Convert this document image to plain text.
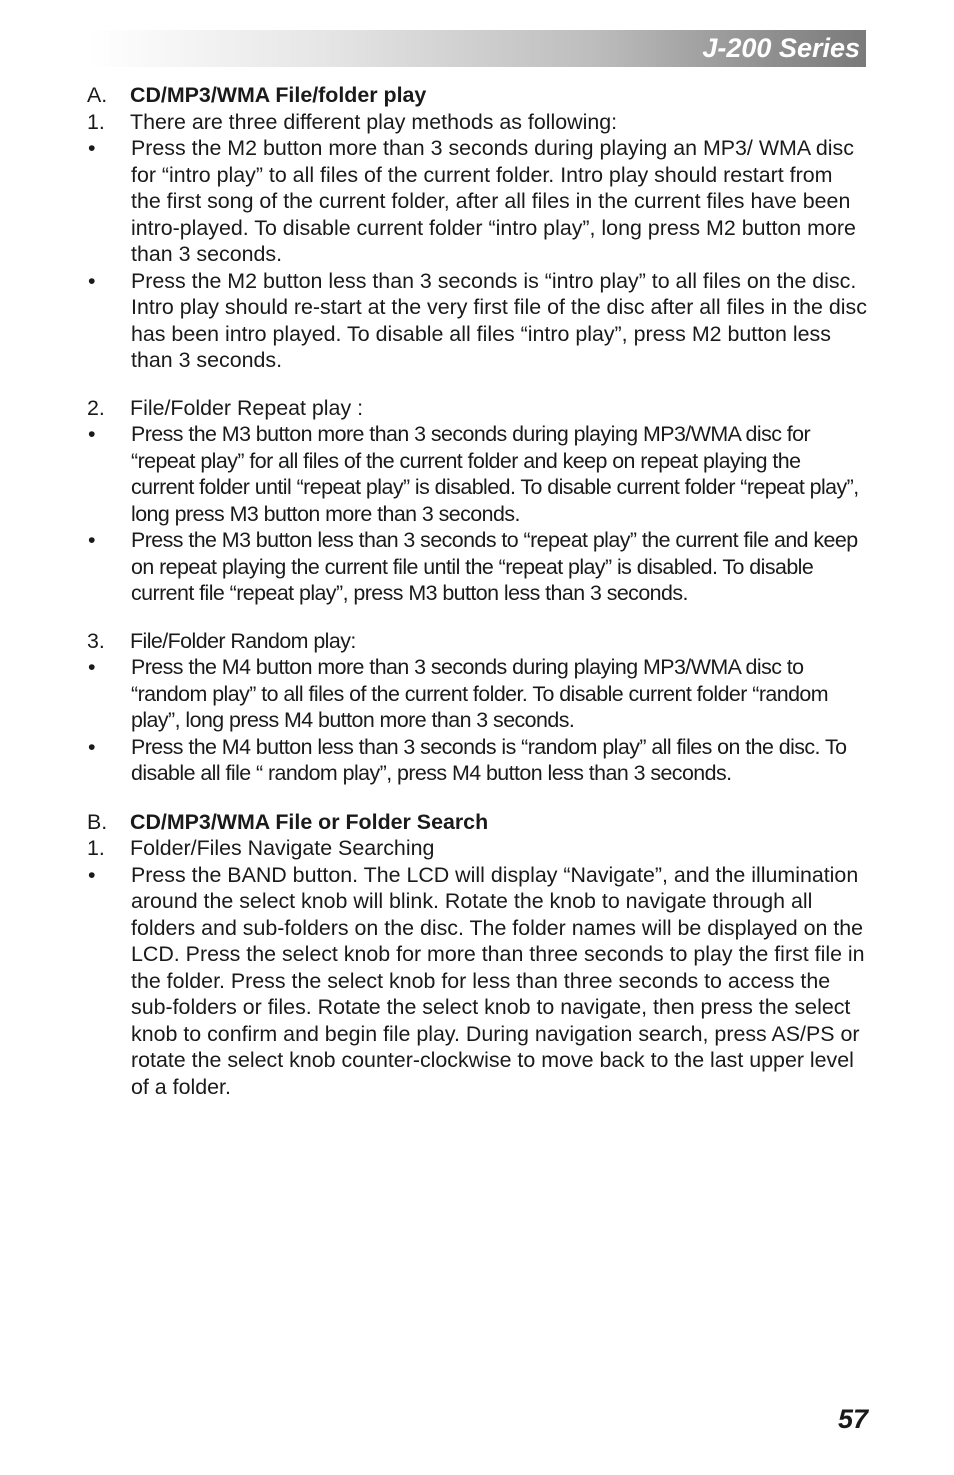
J-200 Series
A.	CD/MP3/WMA File/folder play
1.	There are three different play methods as following:
•	Press the M2 button more than 3 seconds during playing an MP3/ WMA disc for “intro play” to all files of the current folder. Intro play should restart from the first song of the current folder, after all files in the current files have been intro-played. To disable current folder “intro play”, long press M2 button more than 3 seconds.
•	Press the M2 button less than 3 seconds is “intro play” to all files on the disc. Intro play should re-start at the very first file of the disc after all files in the disc has been intro played. To disable all files “intro play”, press M2 button less than 3 seconds.
2.	File/Folder Repeat play :
•	Press the M3 button more than 3 seconds during playing MP3/WMA disc for “repeat play” for all files of the current folder and keep on repeat playing the current folder until “repeat play” is disabled. To disable current folder “repeat play”, long press M3 button more than 3 seconds.
•	Press the M3 button less than 3 seconds to “repeat play” the current file and keep on repeat playing the current file until the “repeat play” is disabled. To disable current file “repeat play”, press M3 button less than 3 seconds.
3.	File/Folder Random play:
•	Press the M4 button more than 3 seconds during playing MP3/WMA disc to “random play” to all files of the current folder. To disable current folder “random play”, long press M4 button more than 3 seconds.
•	Press the M4 button less than 3 seconds is “random play” all files on the disc. To disable all file “ random play”, press M4 button less than 3 seconds.
B.	CD/MP3/WMA File or Folder Search
1.	Folder/Files Navigate Searching
•	Press the BAND button. The LCD will display “Navigate”, and the illumination around the select knob will blink. Rotate the knob to navigate through all folders and sub-folders on the disc. The folder names will be displayed on the LCD. Press the select knob for more than three seconds to play the first file in the folder. Press the select knob for less than three seconds to access the sub-folders or files. Rotate the select knob to navigate, then press the select knob to confirm and begin file play. During navigation search, press AS/PS or rotate the select knob counter-clockwise to move back to the last upper level of a folder.
57
